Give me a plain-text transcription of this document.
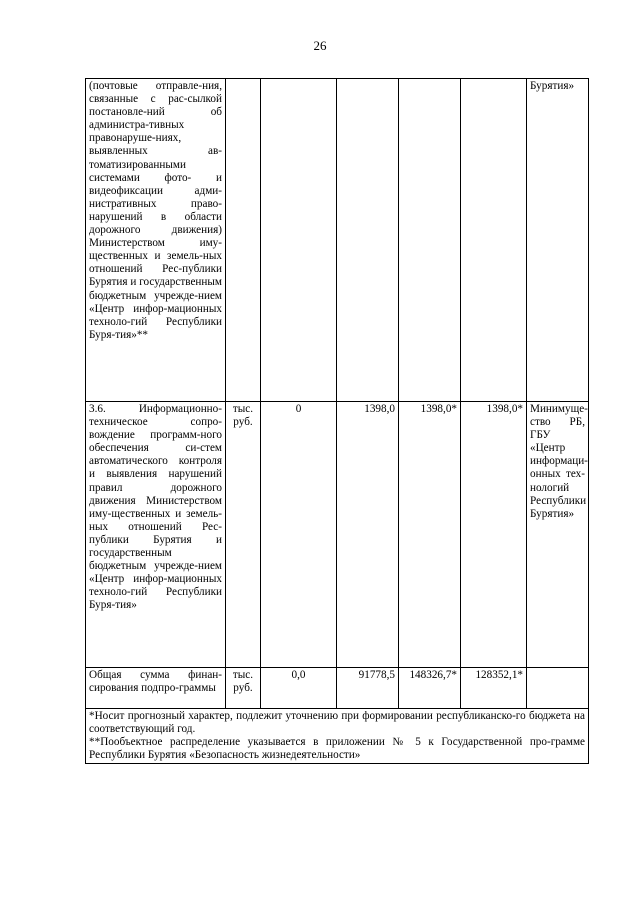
26
(почтовые отправле-ния, связанные с рас-сылкой постановле-ний об администра-тивных правонаруше-ниях, выявленных ав-томатизированными системами фото- и видеофиксации адми-нистративных право-нарушений в области дорожного движения) Министерством иму-щественных и земель-ных отношений Рес-публики Бурятия и государственным бюджетным учрежде-нием «Центр инфор-мационных техноло-гий Республики Буря-тия»**						Бурятия»
3.6. Информационно-техническое сопро-вождение программ-ного обеспечения си-стем автоматического контроля и выявления нарушений правил дорожного движения Министерством иму-щественных и земель-ных отношений Рес-публики Бурятия и государственным бюджетным учрежде-нием «Центр инфор-мационных техноло-гий Республики Буря-тия»	тыс. руб.	0	1398,0	1398,0*	1398,0*	Минимуще-ство РБ, ГБУ «Центр информаци-онных тех-нологий Республики Бурятия»
Общая сумма финан-сирования подпро-граммы	тыс. руб.	0,0	91778,5	148326,7*	128352,1*	

*Носит прогнозный характер, подлежит уточнению при формировании республиканско-го бюджета на соответствующий год.
**Пообъектное распределение указывается в приложении № 5 к Государственной про-грамме Республики Бурятия «Безопасность жизнедеятельности»						
